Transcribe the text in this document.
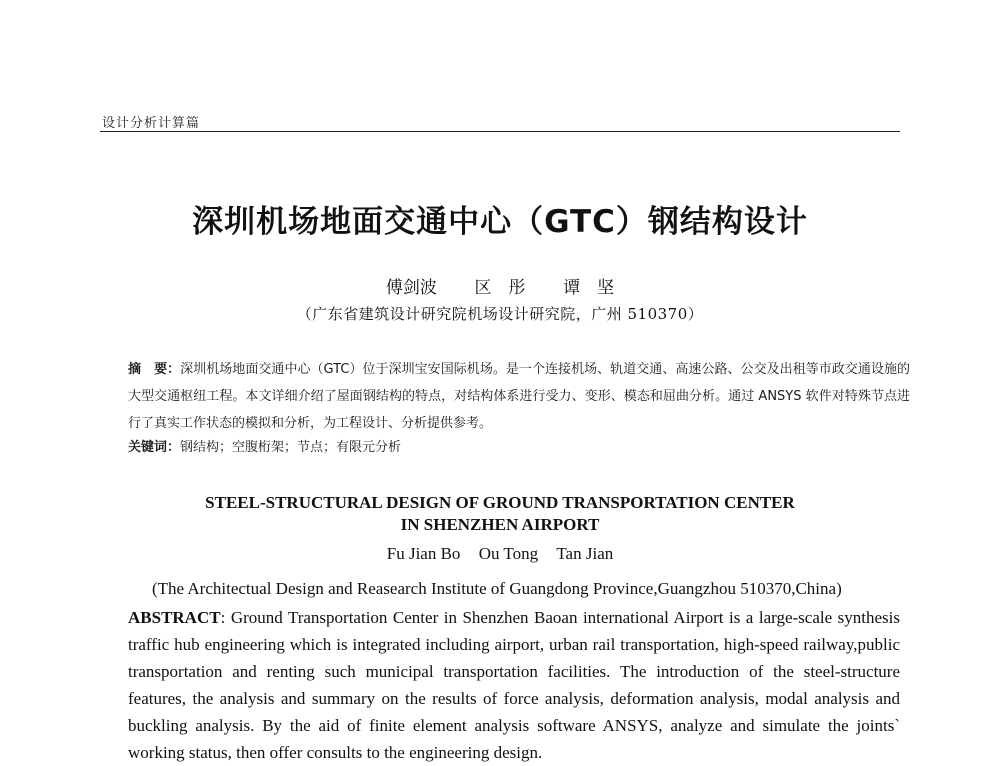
设计分析计算篇
深圳机场地面交通中心（GTC）钢结构设计
傅剑波 区　彤 谭　坚
（广东省建筑设计研究院机场设计研究院，广州 510370）
摘　要：深圳机场地面交通中心（GTC）位于深圳宝安国际机场。是一个连接机场、轨道交通、高速公路、公交及出租等市政交通设施的大型交通枢纽工程。本文详细介绍了屋面钢结构的特点，对结构体系进行受力、变形、模态和屈曲分析。通过 ANSYS 软件对特殊节点进行了真实工作状态的模拟和分析，为工程设计、分析提供参考。
关键词：钢结构；空腹桁架；节点；有限元分析
STEEL-STRUCTURAL DESIGN OF GROUND TRANSPORTATION CENTER
IN SHENZHEN AIRPORT
Fu Jian Bo Ou Tong Tan Jian
(The Architectual Design and Reasearch Institute of Guangdong Province,Guangzhou 510370,China)
ABSTRACT: Ground Transportation Center in Shenzhen Baoan international Airport is a large-scale synthesis traffic hub engineering which is integrated including airport, urban rail transportation, high-speed railway,public transportation and renting such municipal transportation facilities. The introduction of the steel-structure features, the analysis and summary on the results of force analysis, deformation analysis, modal analysis and buckling analysis. By the aid of finite element analysis software ANSYS, analyze and simulate the joints` working status, then offer consults to the engineering design.
